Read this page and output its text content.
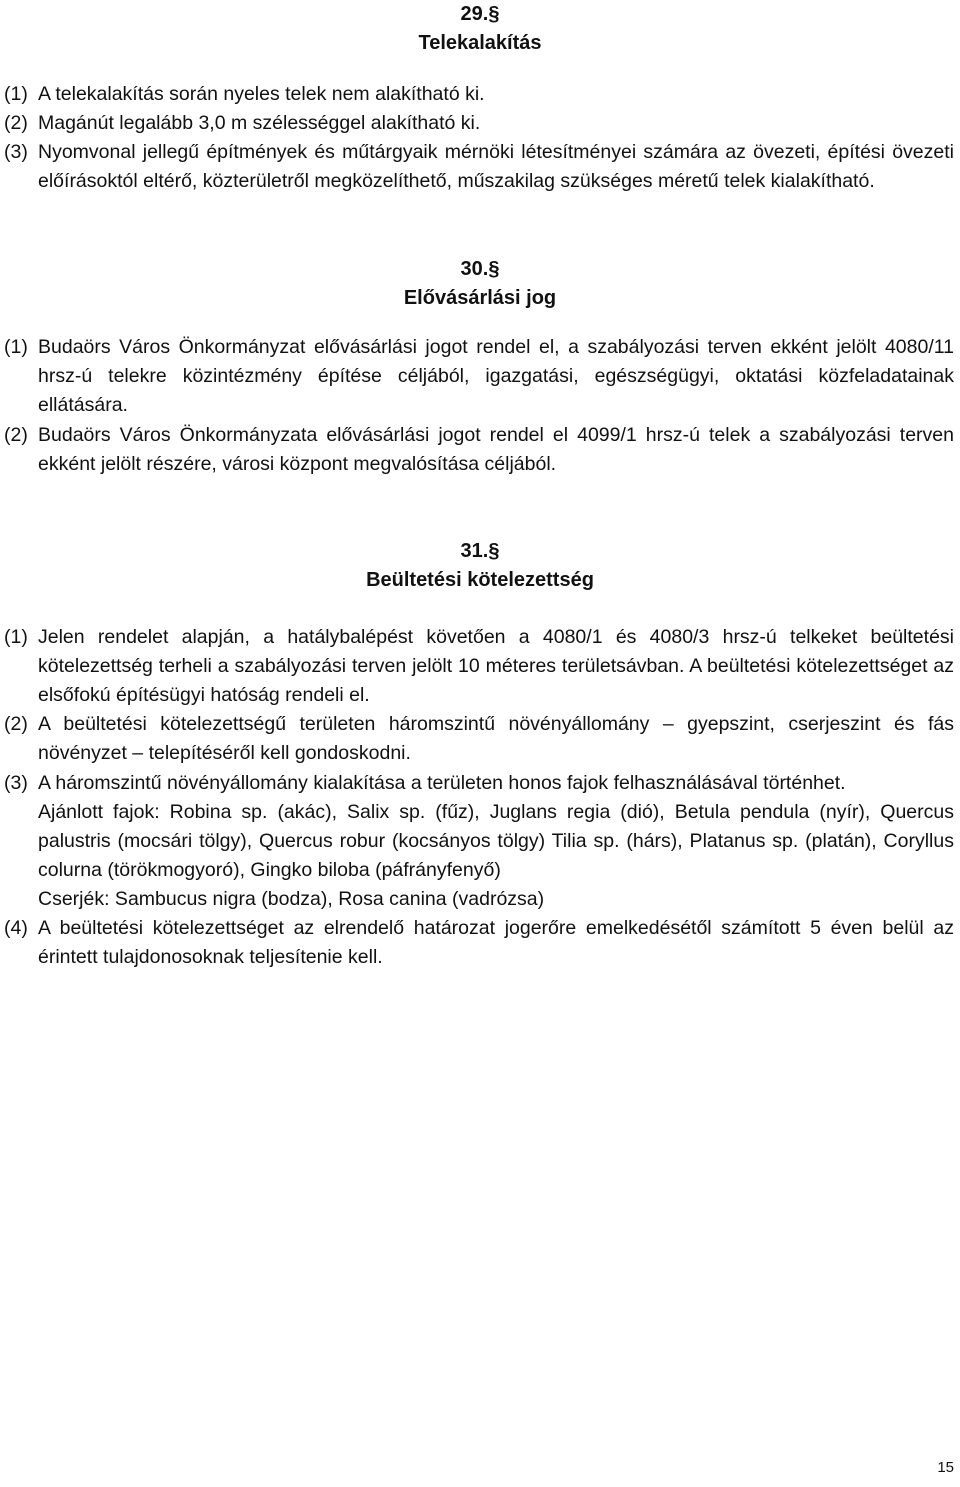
29.§
Telekalakítás
(1) A telekalakítás során nyeles telek nem alakítható ki.
(2) Magánút legalább 3,0 m szélességgel alakítható ki.
(3) Nyomvonal jellegű építmények és műtárgyaik mérnöki létesítményei számára az övezeti, építési övezeti előírásoktól eltérő, közterületről megközelíthető, műszakilag szükséges méretű telek kialakítható.
30.§
Elővásárlási jog
(1) Budaörs Város Önkormányzat elővásárlási jogot rendel el, a szabályozási terven ekként jelölt 4080/11 hrsz-ú telekre közintézmény építése céljából, igazgatási, egészségügyi, oktatási közfeladatainak ellátására.
(2) Budaörs Város Önkormányzata elővásárlási jogot rendel el 4099/1 hrsz-ú telek a szabályozási terven ekként jelölt részére, városi központ megvalósítása céljából.
31.§
Beültetési kötelezettség
(1) Jelen rendelet alapján, a hatálybalépést követően a 4080/1 és 4080/3 hrsz-ú telkeket beültetési kötelezettség terheli a szabályozási terven jelölt 10 méteres területsávban. A beültetési kötelezettséget az elsőfokú építésügyi hatóság rendeli el.
(2) A beültetési kötelezettségű területen háromszintű növényállomány – gyepszint, cserjeszint és fás növényzet – telepítéséről kell gondoskodni.
(3) A háromszintű növényállomány kialakítása a területen honos fajok felhasználásával történhet.
Ajánlott fajok: Robina sp. (akác), Salix sp. (fűz), Juglans regia (dió), Betula pendula (nyír), Quercus palustris (mocsári tölgy), Quercus robur (kocsányos tölgy) Tilia sp. (hárs), Platanus sp. (platán), Coryllus colurna (törökmogyoró), Gingko biloba (páfrányfenyő)
Cserjék: Sambucus nigra (bodza), Rosa canina (vadrózsa)
(4) A beültetési kötelezettséget az elrendelő határozat jogerőre emelkedésétől számított 5 éven belül az érintett tulajdonosoknak teljesítenie kell.
15
